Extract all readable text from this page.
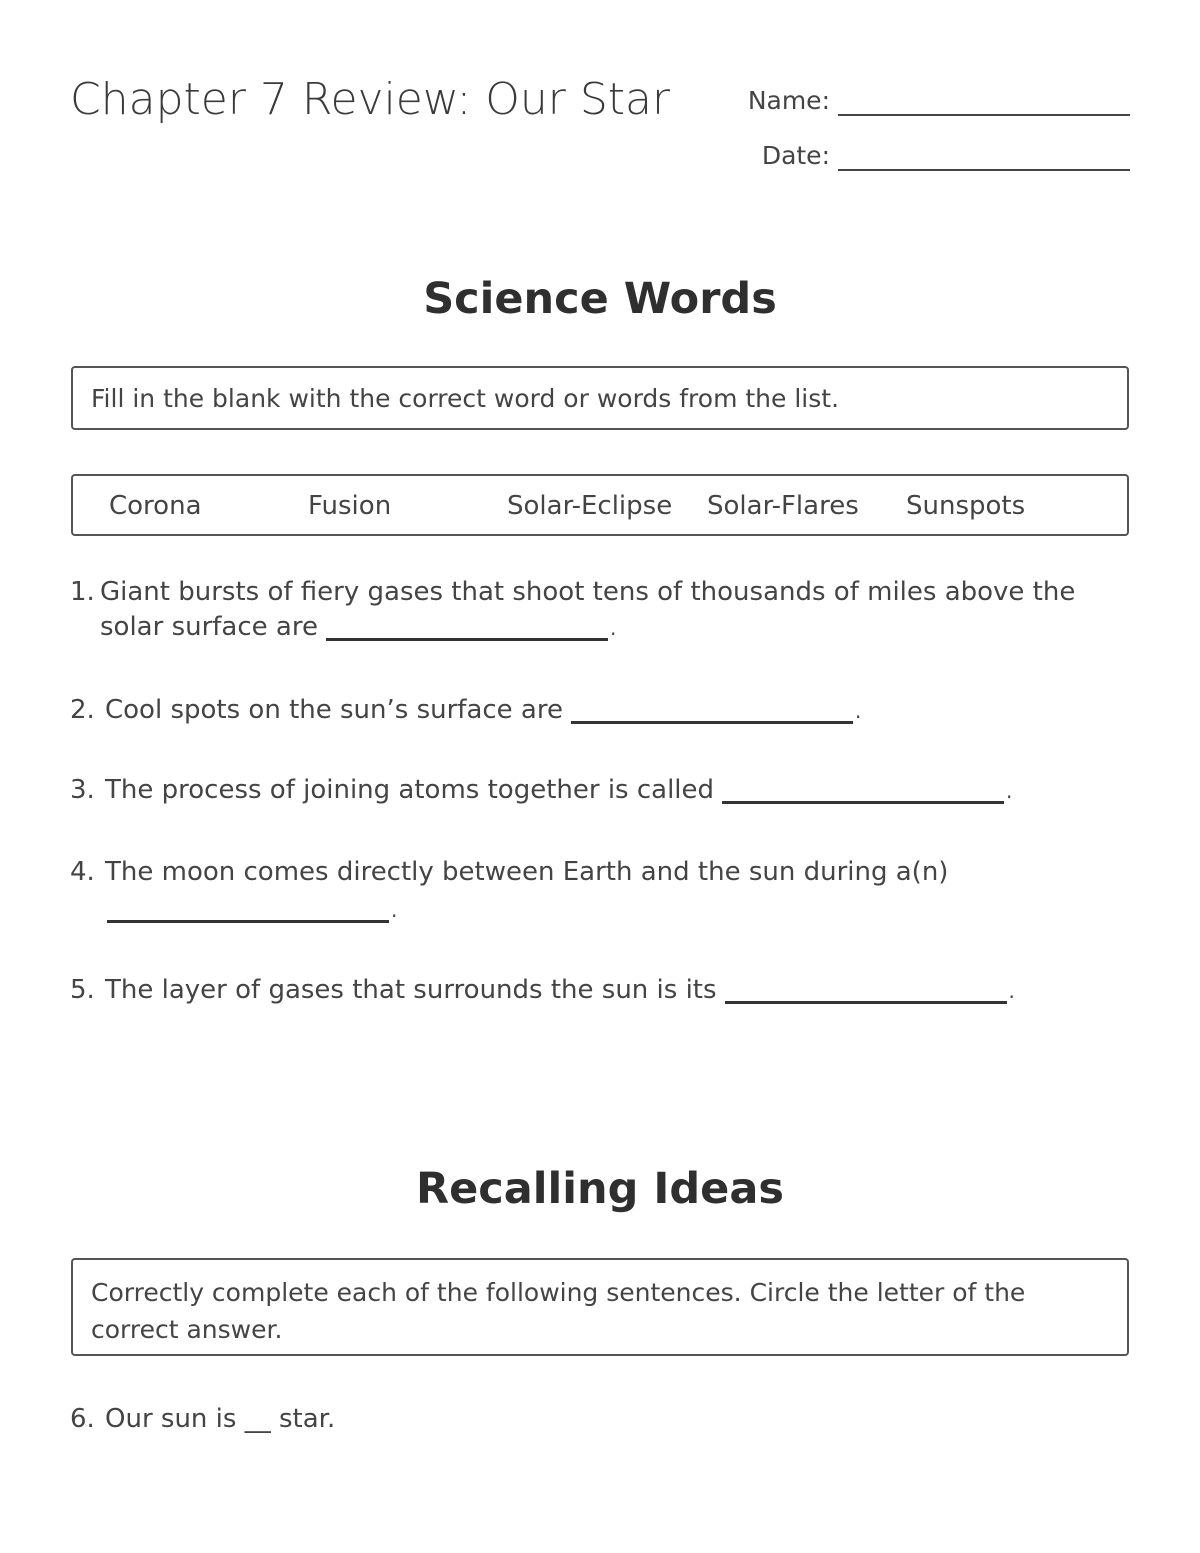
Chapter 7 Review: Our Star	Name:
Date:
Science Words
Fill in the blank with the correct word or words from the list.
Corona	Fusion	Solar-Eclipse Solar-Flares Sunspots
1. Giant bursts of fiery gases that shoot tens of thousands of miles above the
solar surface are	.
2. Cool spots on the sun’s surface are	.
3. The process of joining atoms together is called	.
4. The moon comes directly between Earth and the sun during a(n)
.
5. The layer of gases that surrounds the sun is its	.
Recalling Ideas
Correctly complete each of the following sentences. Circle the letter of the correct answer.
6. Our sun is __ star.
